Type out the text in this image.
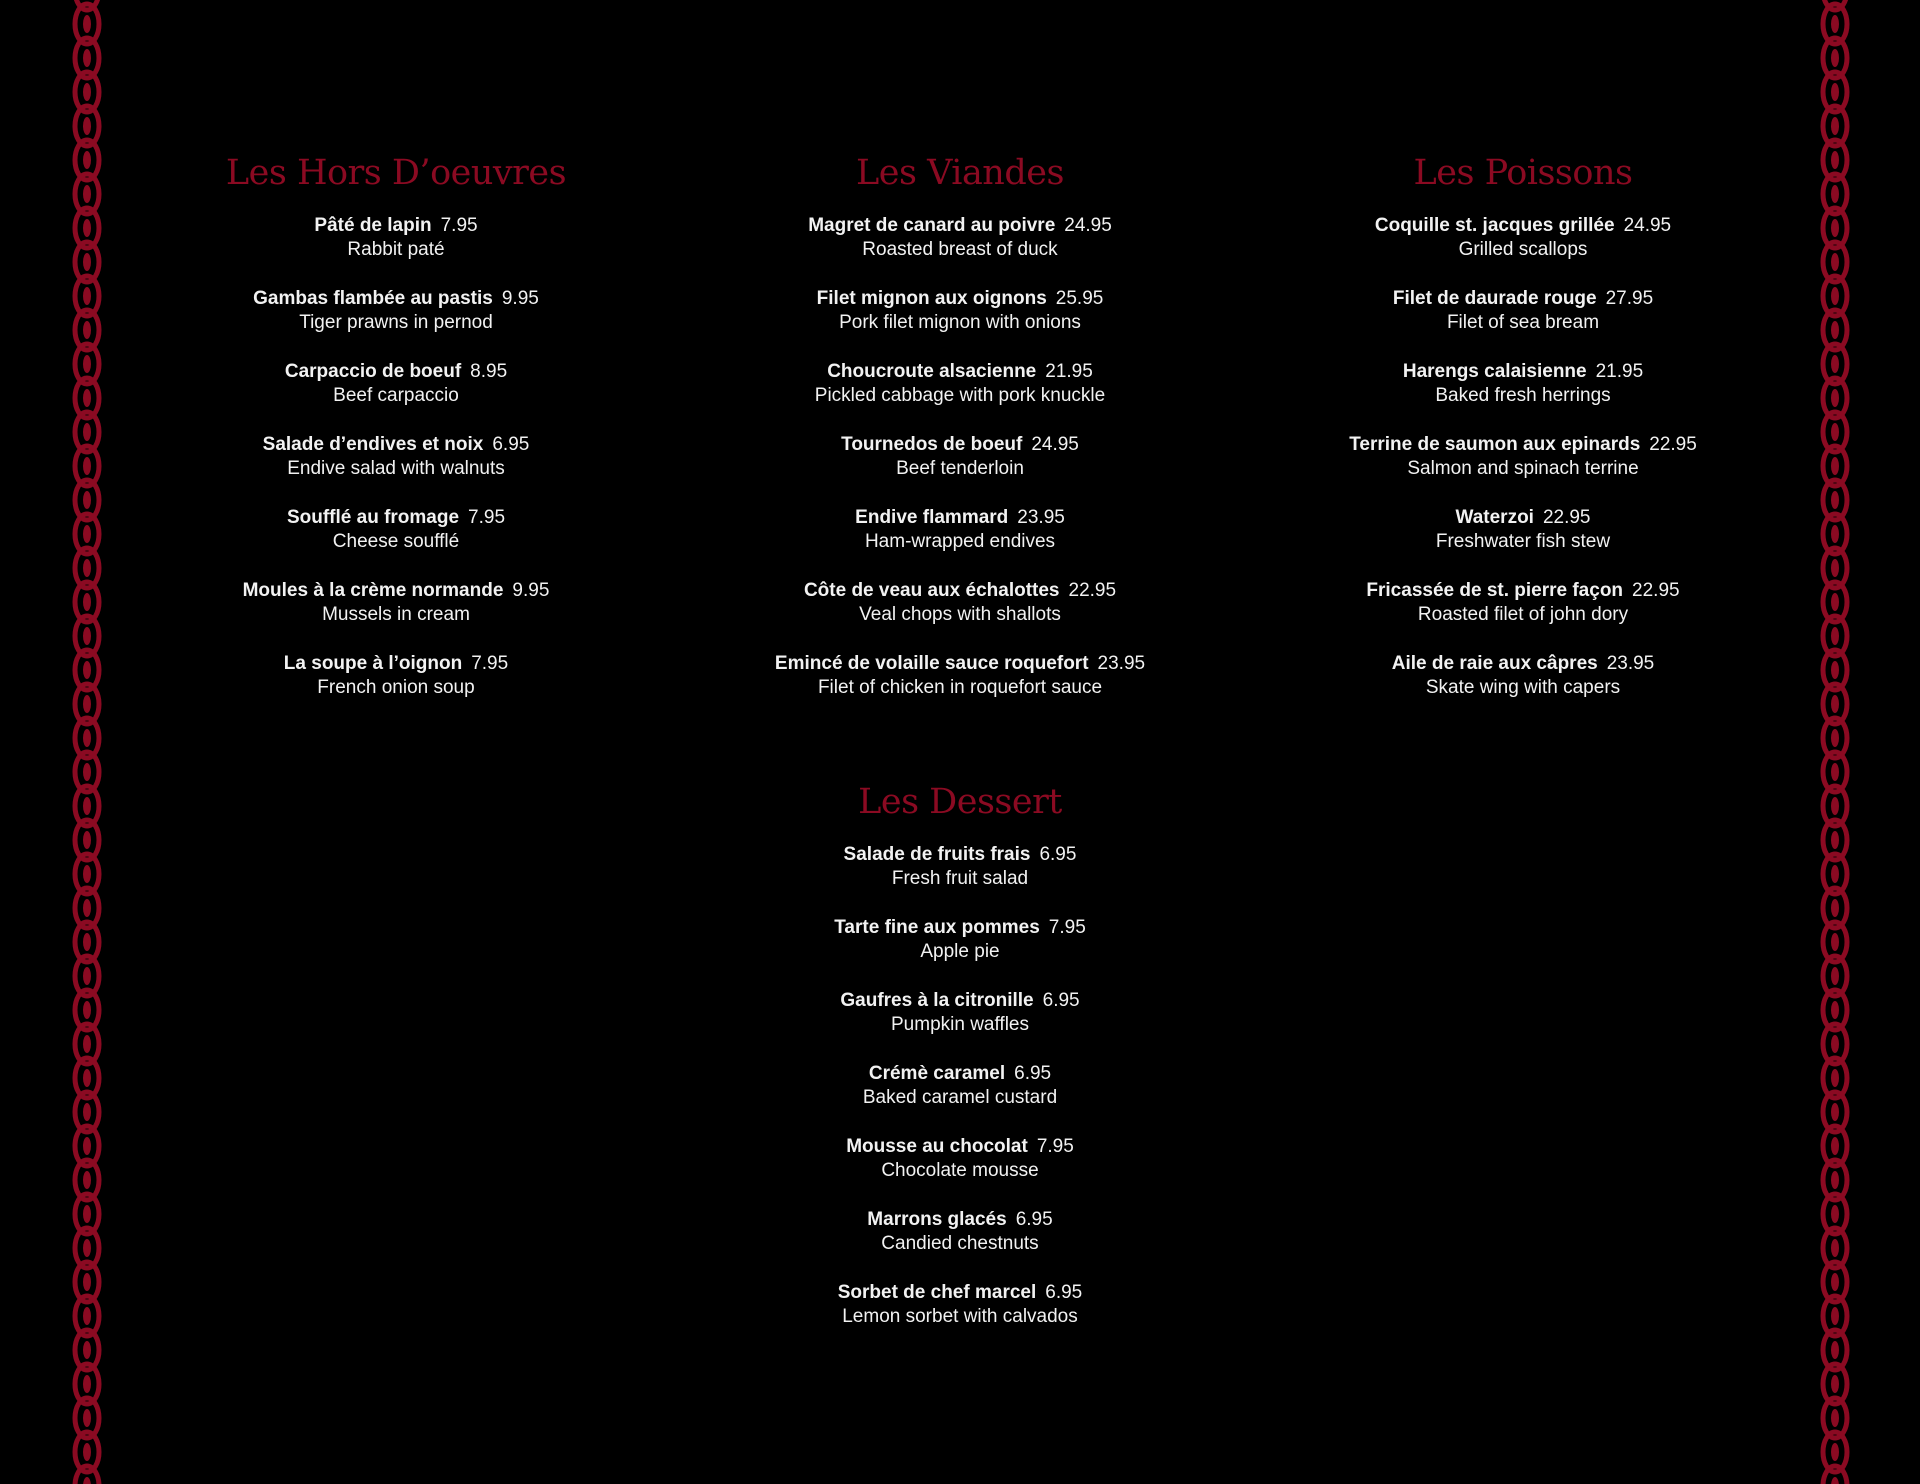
Les Hors D’oeuvres
Pâté de lapin 7.95
Rabbit paté
Gambas flambée au pastis 9.95
Tiger prawns in pernod
Carpaccio de boeuf 8.95
Beef carpaccio
Salade d’endives et noix 6.95
Endive salad with walnuts
Soufflé au fromage 7.95
Cheese soufflé
Moules à la crème normande 9.95
Mussels in cream
La soupe à l’oignon 7.95
French onion soup
Les Viandes
Magret de canard au poivre 24.95
Roasted breast of duck
Filet mignon aux oignons 25.95
Pork filet mignon with onions
Choucroute alsacienne 21.95
Pickled cabbage with pork knuckle
Tournedos de boeuf 24.95
Beef tenderloin
Endive flammard 23.95
Ham-wrapped endives
Côte de veau aux échalottes 22.95
Veal chops with shallots
Emincé de volaille sauce roquefort 23.95
Filet of chicken in roquefort sauce
Les Poissons
Coquille st. jacques grillée 24.95
Grilled scallops
Filet de daurade rouge 27.95
Filet of sea bream
Harengs calaisienne 21.95
Baked fresh herrings
Terrine de saumon aux epinards 22.95
Salmon and spinach terrine
Waterzoi 22.95
Freshwater fish stew
Fricassée de st. pierre façon 22.95
Roasted filet of john dory
Aile de raie aux câpres 23.95
Skate wing with capers
Les Dessert
Salade de fruits frais 6.95
Fresh fruit salad
Tarte fine aux pommes 7.95
Apple pie
Gaufres à la citronille 6.95
Pumpkin waffles
Crémè caramel 6.95
Baked caramel custard
Mousse au chocolat 7.95
Chocolate mousse
Marrons glacés 6.95
Candied chestnuts
Sorbet de chef marcel 6.95
Lemon sorbet with calvados
